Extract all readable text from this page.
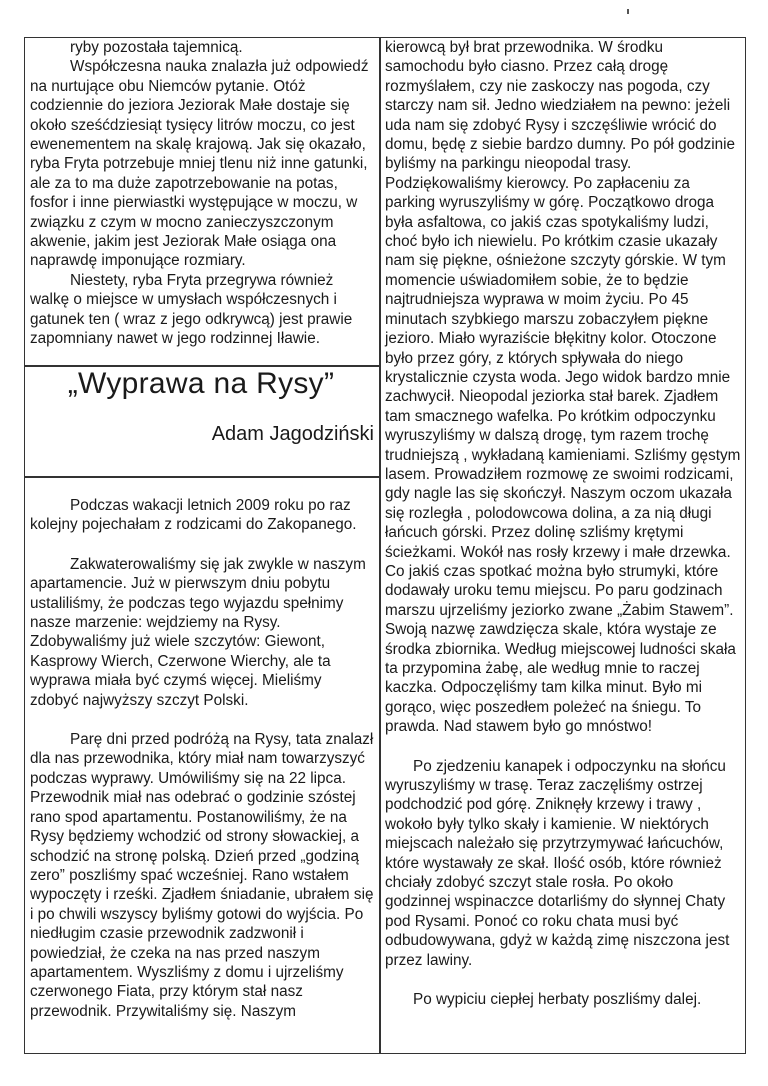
ryby pozostała tajemnicą.

Współczesna nauka znalazła już odpowiedź na nurtujące obu Niemców pytanie. Otóż codziennie do jeziora Jeziorak Małe dostaje się około sześćdziesiąt tysięcy litrów moczu, co jest ewenementem na skalę krajową. Jak się okazało, ryba Fryta potrzebuje mniej tlenu niż inne gatunki, ale za to ma duże zapotrzebowanie na potas, fosfor i inne pierwiastki występujące w moczu, w związku z czym w mocno zanieczyszczonym akwenie, jakim jest Jeziorak Małe osiąga ona naprawdę imponujące rozmiary.

Niestety, ryba Fryta przegrywa również walkę o miejsce w umysłach współczesnych i gatunek ten ( wraz z jego odkrywcą) jest prawie zapomniany nawet w jego rodzinnej Iławie.

„Wyprawa na Rysy”
Adam Jagodziński

Podczas wakacji letnich 2009 roku po raz kolejny pojechałam z rodzicami do Zakopanego.

Zakwaterowaliśmy się jak zwykle w naszym apartamencie. Już w pierwszym dniu pobytu ustaliliśmy, że podczas tego wyjazdu spełnimy nasze marzenie: wejdziemy na Rysy. Zdobywaliśmy już wiele szczytów: Giewont, Kasprowy Wierch, Czerwone Wierchy, ale ta wyprawa miała być czymś więcej. Mieliśmy zdobyć najwyższy szczyt Polski.

Parę dni przed podróżą na Rysy, tata znalazł dla nas przewodnika, który miał nam towarzyszyć podczas wyprawy. Umówiliśmy się na 22 lipca. Przewodnik miał nas odebrać o godzinie szóstej rano spod apartamentu. Postanowiliśmy, że na Rysy będziemy wchodzić od strony słowackiej, a schodzić na stronę polską. Dzień przed „godziną zero” poszliśmy spać wcześniej. Rano wstałem wypoczęty i rześki. Zjadłem śniadanie, ubrałem się i po chwili wszyscy byliśmy gotowi do wyjścia. Po niedługim czasie przewodnik zadzwonił i powiedział, że czeka na nas przed naszym apartamentem. Wyszliśmy z domu i ujrzeliśmy czerwonego Fiata, przy którym stał nasz przewodnik. Przywitaliśmy się. Naszym

kierowcą był brat przewodnika. W środku samochodu było ciasno. Przez całą drogę rozmyślałem, czy nie zaskoczy nas pogoda, czy starczy nam sił. Jedno wiedziałem na pewno: jeżeli uda nam się zdobyć Rysy i szczęśliwie wrócić do domu, będę z siebie bardzo dumny. Po pół godzinie byliśmy na parkingu nieopodal trasy. Podziękowaliśmy kierowcy. Po zapłaceniu za parking wyruszyliśmy w górę. Początkowo droga była asfaltowa, co jakiś czas spotykaliśmy ludzi, choć było ich niewielu. Po krótkim czasie ukazały nam się piękne, ośnieżone szczyty górskie. W tym momencie uświadomiłem sobie, że to będzie najtrudniejsza wyprawa w moim życiu. Po 45 minutach szybkiego marszu zobaczyłem piękne jezioro. Miało wyraziście błękitny kolor. Otoczone było przez góry, z których spływała do niego krystalicznie czysta woda. Jego widok bardzo mnie zachwycił. Nieopodal jeziorka stał barek. Zjadłem tam smacznego wafelka. Po krótkim odpoczynku wyruszyliśmy w dalszą drogę, tym razem trochę trudniejszą , wykładaną kamieniami. Szliśmy gęstym lasem. Prowadziłem rozmowę ze swoimi rodzicami, gdy nagle las się skończył. Naszym oczom ukazała się rozległa , polodowcowa dolina, a za nią długi łańcuch górski. Przez dolinę szliśmy krętymi ścieżkami. Wokół nas rosły krzewy i małe drzewka. Co jakiś czas spotkać można było strumyki, które dodawały uroku temu miejscu. Po paru godzinach marszu ujrzeliśmy jeziorko zwane „Żabim Stawem”. Swoją nazwę zawdzięcza skale, która wystaje ze środka zbiornika. Według miejscowej ludności skała ta przypomina żabę, ale według mnie to raczej kaczka. Odpoczęliśmy tam kilka minut. Było mi gorąco, więc poszedłem poleżeć na śniegu. To prawda. Nad stawem było go mnóstwo!

Po zjedzeniu kanapek i odpoczynku na słońcu wyruszyliśmy w trasę. Teraz zaczęliśmy ostrzej podchodzić pod górę. Zniknęły krzewy i trawy , wokoło były tylko skały i kamienie. W niektórych miejscach należało się przytrzymywać łańcuchów, które wystawały ze skał. Ilość osób, które również chciały zdobyć szczyt stale rosła. Po około godzinnej wspinaczce dotarliśmy do słynnej Chaty pod Rysami. Ponoć co roku chata musi być odbudowywana, gdyż w każdą zimę niszczona jest przez lawiny.

Po wypiciu ciepłej herbaty poszliśmy dalej.
